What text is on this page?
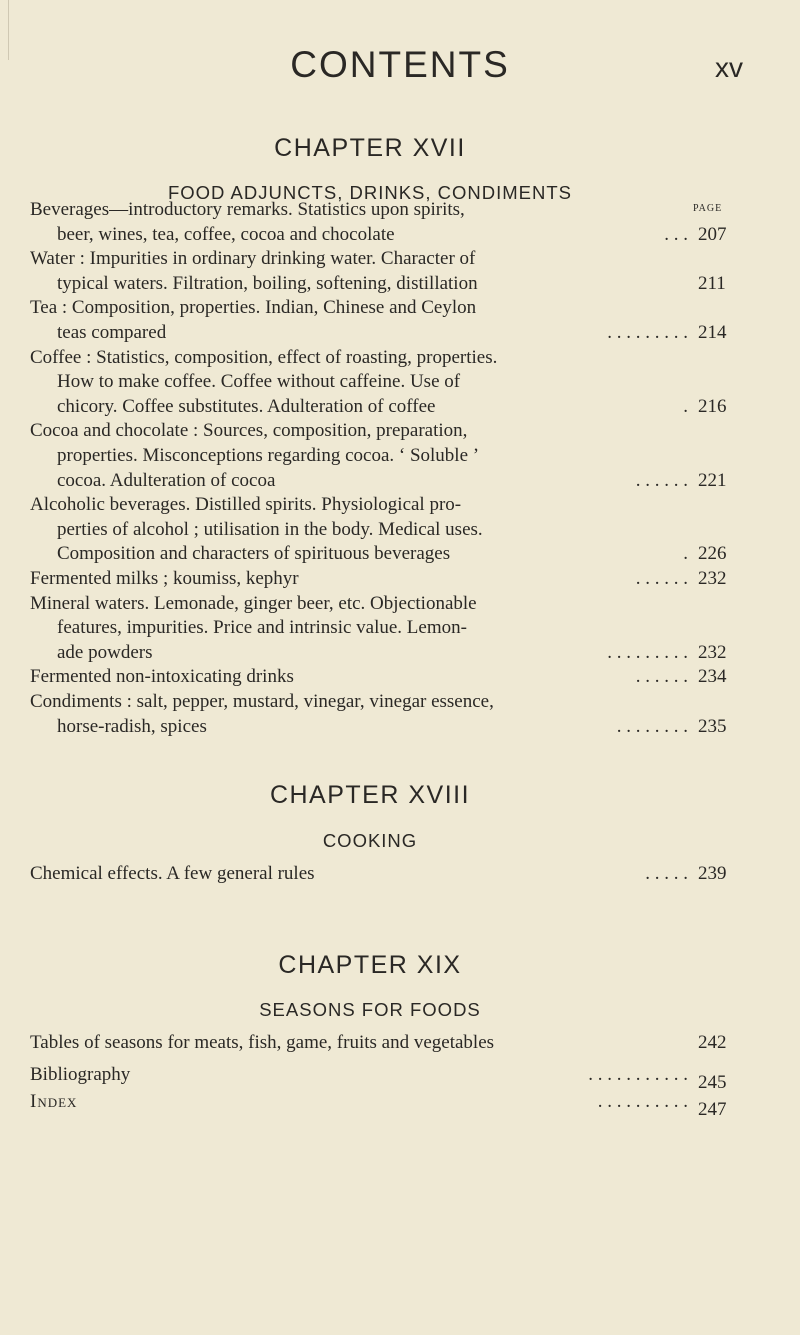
CONTENTS	xv
CHAPTER XVII
FOOD ADJUNCTS, DRINKS, CONDIMENTS
PAGE
Beverages—introductory remarks. Statistics upon spirits,
beer, wines, tea, coffee, cocoa and chocolate	. . . 207
Water : Impurities in ordinary drinking water. Character of
typical waters. Filtration, boiling, softening, distillation	211
Tea : Composition, properties. Indian, Chinese and Ceylon
teas compared	. . . . . . . . . 214
Coffee : Statistics, composition, effect of roasting, properties.
How to make coffee. Coffee without caffeine. Use of
chicory. Coffee substitutes. Adulteration of coffee	. 216
Cocoa and chocolate : Sources, composition, preparation,
properties. Misconceptions regarding cocoa. ‘ Soluble ’
cocoa. Adulteration of cocoa	. . . . . . 221
Alcoholic beverages. Distilled spirits. Physiological pro-
perties of alcohol ; utilisation in the body. Medical uses.
Composition and characters of spirituous beverages	. 226
Fermented milks ; koumiss, kephyr	. . . . . . 232
Mineral waters. Lemonade, ginger beer, etc. Objectionable
features, impurities. Price and intrinsic value. Lemon-
ade powders	. . . . . . . . . 232
Fermented non-intoxicating drinks	. . . . . . 234
Condiments : salt, pepper, mustard, vinegar, vinegar essence,
horse-radish, spices	. . . . . . . . 235
CHAPTER XVIII
COOKING
Chemical effects. A few general rules	. . . . . 239
CHAPTER XIX
SEASONS FOR FOODS
Tables of seasons for meats, fish, game, fruits and vegetables	242
Bibliography	. . . . . . . . . . . 245
Index	. . . . . . . . . . 247
